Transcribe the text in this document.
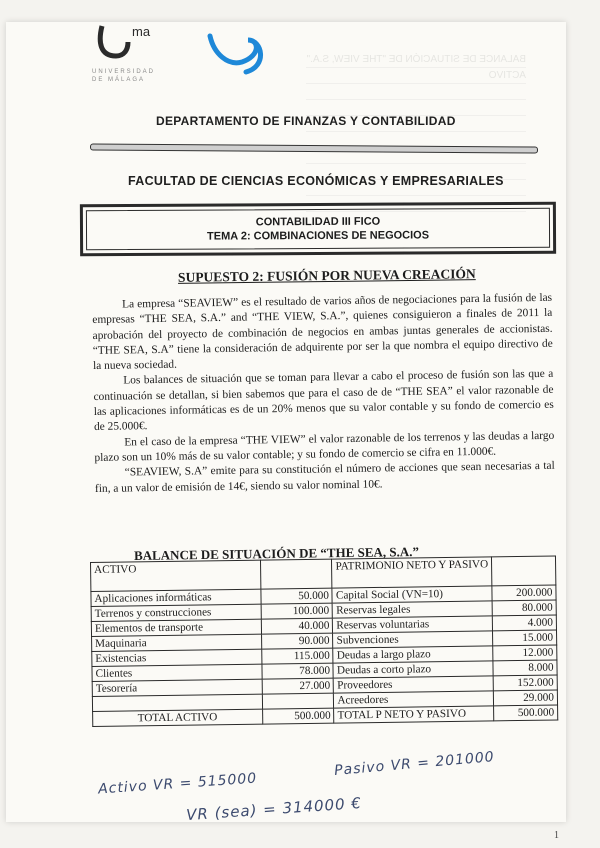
BALANCE DE SITUACIÓN DE "THE VIEW, S.A."
ACTIVO

ma
UNIVERSIDAD
DE MÁLAGA
DEPARTAMENTO DE FINANZAS Y CONTABILIDAD
FACULTAD DE CIENCIAS ECONÓMICAS Y EMPRESARIALES
CONTABILIDAD III FICO
TEMA 2: COMBINACIONES DE NEGOCIOS
SUPUESTO 2: FUSIÓN POR NUEVA CREACIÓN

La empresa “SEAVIEW” es el resultado de varios años de negociaciones para la fusión de las empresas “THE SEA, S.A.” and “THE VIEW, S.A.”, quienes consiguieron a finales de 2011 la aprobación del proyecto de combinación de negocios en ambas juntas generales de accionistas. “THE SEA, S.A” tiene la consideración de adquirente por ser la que nombra el equipo directivo de la nueva sociedad.

Los balances de situación que se toman para llevar a cabo el proceso de fusión son las que a continuación se detallan, si bien sabemos que para el caso de de “THE SEA” el valor razonable de las aplicaciones informáticas es de un 20% menos que su valor contable y su fondo de comercio es de 25.000€.

En el caso de la empresa “THE VIEW” el valor razonable de los terrenos y las deudas a largo plazo son un 10% más de su valor contable; y su fondo de comercio se cifra en 11.000€.

“SEAVIEW, S.A” emite para su constitución el número de acciones que sean necesarias a tal fin, a un valor de emisión de 14€, siendo su valor nominal 10€.

BALANCE DE SITUACIÓN DE “THE SEA, S.A.”
ACTIVO		PATRIMONIO NETO Y PASIVO	
Aplicaciones informáticas	50.000	Capital Social (VN=10)	200.000
Terrenos y construcciones	100.000	Reservas legales	80.000
Elementos de transporte	40.000	Reservas voluntarias	4.000
Maquinaria	90.000	Subvenciones	15.000
Existencias	115.000	Deudas a largo plazo	12.000
Clientes	78.000	Deudas a corto plazo	8.000
Tesorería	27.000	Proveedores	152.000
		Acreedores	29.000
TOTAL ACTIVO	500.000	TOTAL P NETO Y PASIVO	500.000
Activo VR = 515000
Pasivo VR = 201000
VR (sea) = 314000 €
1
